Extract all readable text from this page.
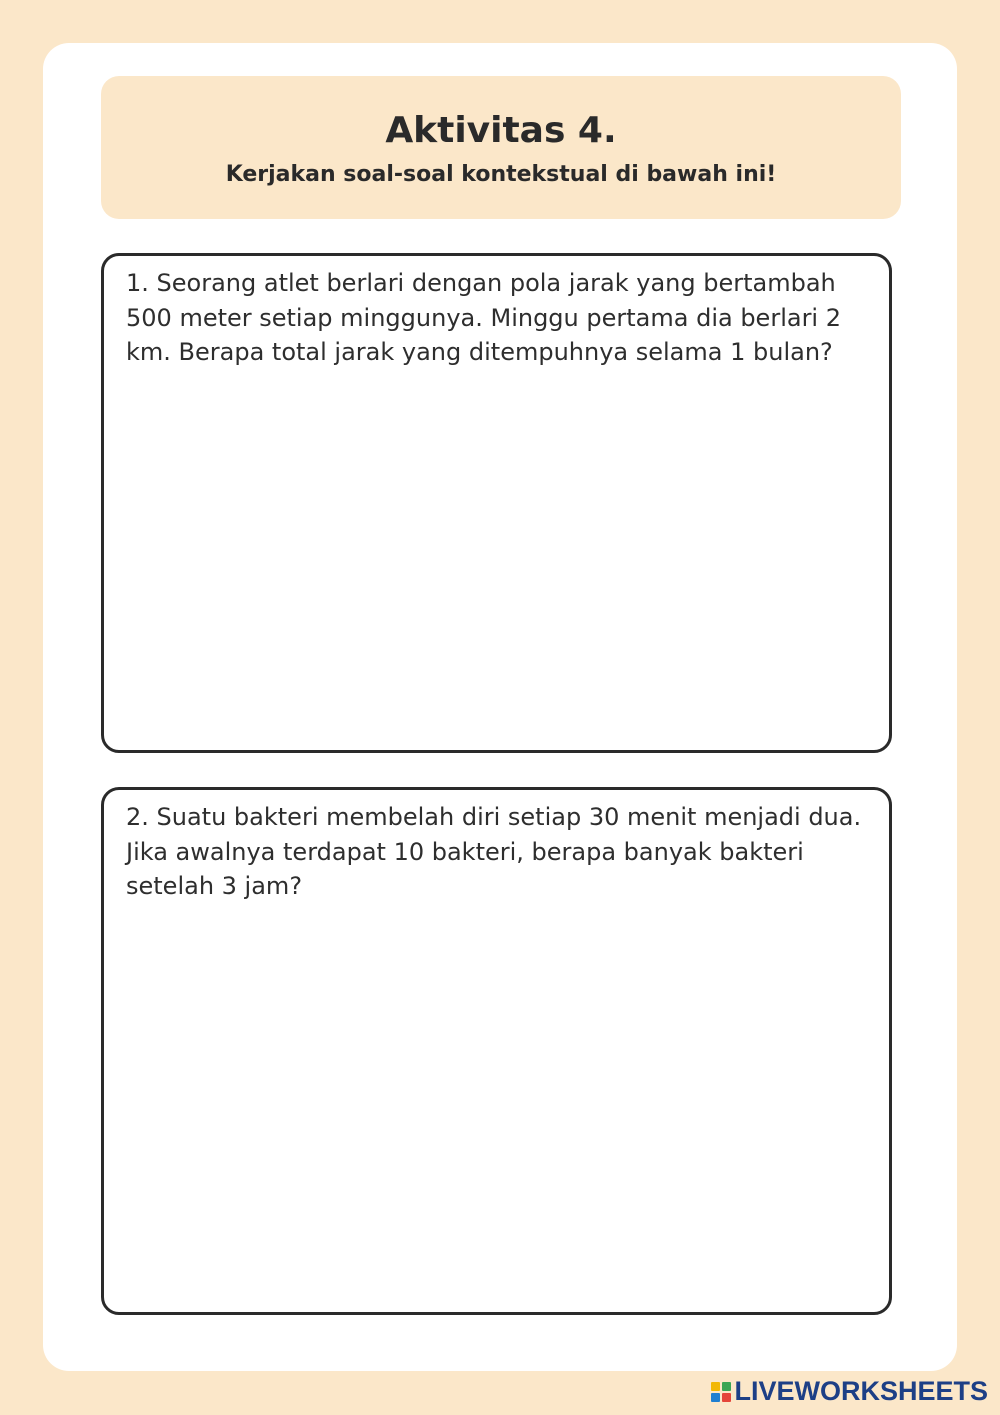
Aktivitas 4.

Kerjakan soal-soal kontekstual di bawah ini!

1. Seorang atlet berlari dengan pola jarak yang bertambah 500 meter setiap minggunya. Minggu pertama dia berlari 2 km. Berapa total jarak yang ditempuhnya selama 1 bulan?

2. Suatu bakteri membelah diri setiap 30 menit menjadi dua. Jika awalnya terdapat 10 bakteri, berapa banyak bakteri setelah 3 jam?

LIVEWORKSHEETS
